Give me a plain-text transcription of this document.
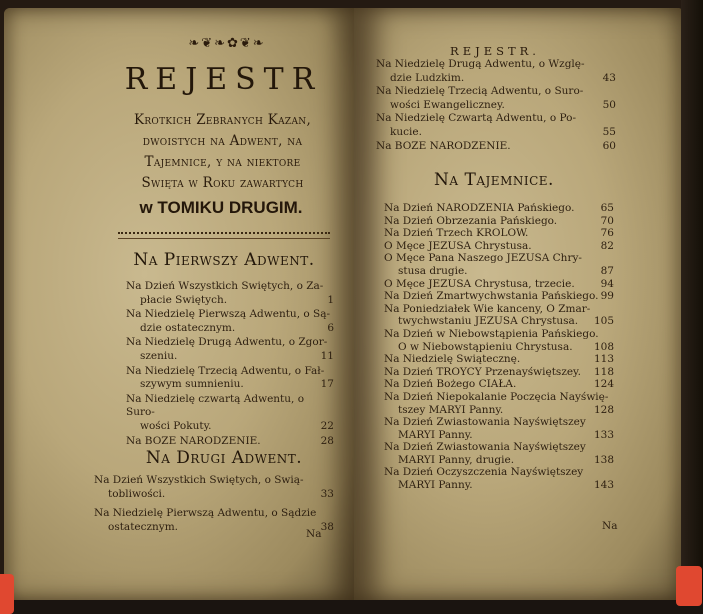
❧❦❧✿❦❧
REJESTR
Krotkich Zebranych Kazan,
dwoistych na Adwent, na
Tajemnice, y na niektore
Swięta w Roku zawartych
w TOMIKU DRUGIM.
Na Pierwszy Adwent.
Na Dzień Wszystkich Swiętych, o Za-
płacie Swiętych.	1
Na Niedzielę Pierwszą Adwentu, o Są-
dzie ostatecznym.	6
Na Niedzielę Drugą Adwentu, o Zgor-
szeniu.	11
Na Niedzielę Trzecią Adwentu, o Fał-
szywym sumnieniu.	17
Na Niedzielę czwartą Adwentu, o Suro-
wości Pokuty.	22
Na BOZE NARODZENIE.	28
Na Drugi Adwent.
Na Dzień Wszystkich Swiętych, o Swią-
tobliwości.	33
Na Niedzielę Pierwszą Adwentu, o Sądzie
ostatecznym.	38
Na
REJESTR.
Na Niedzielę Drugą Adwentu, o Wzglę-
dzie Ludzkim.	43
Na Niedzielę Trzecią Adwentu, o Suro-
wości Ewangeliczney.	50
Na Niedzielę Czwartą Adwentu, o Po-
kucie.	55
Na BOZE NARODZENIE.	60
Na Tajemnice.
Na Dzień NARODZENIA Pańskiego.	65
Na Dzień Obrzezania Pańskiego.	70
Na Dzień Trzech KROLOW.	76
O Męce JEZUSA Chrystusa.	82
O Męce Pana Naszego JEZUSA Chry-
stusa drugie.	87
O Męce JEZUSA Chrystusa, trzecie.	94
Na Dzień Zmartwychwstania Pańskiego. 99
Na Poniedziałek Wie kanceny, O Zmar-
twychwstaniu JEZUSA Chrystusa.	105
Na Dzień w Niebowstąpienia Pańskiego.
O w Niebowstąpieniu Chrystusa.	108
Na Niedzielę Swiątecznę.	113
Na Dzień TROYCY Przenayświętszey.	118
Na Dzień Bożego CIAŁA.	124
Na Dzień Niepokalanie Poczęcia Nayświę-
tszey MARYI Panny.	128
Na Dzień Zwiastowania Nayświętszey
MARYI Panny.	133
Na Dzień Zwiastowania Nayświętszey
MARYI Panny, drugie.	138
Na Dzień Oczyszczenia Nayświętszey
MARYI Panny.	143
Na
